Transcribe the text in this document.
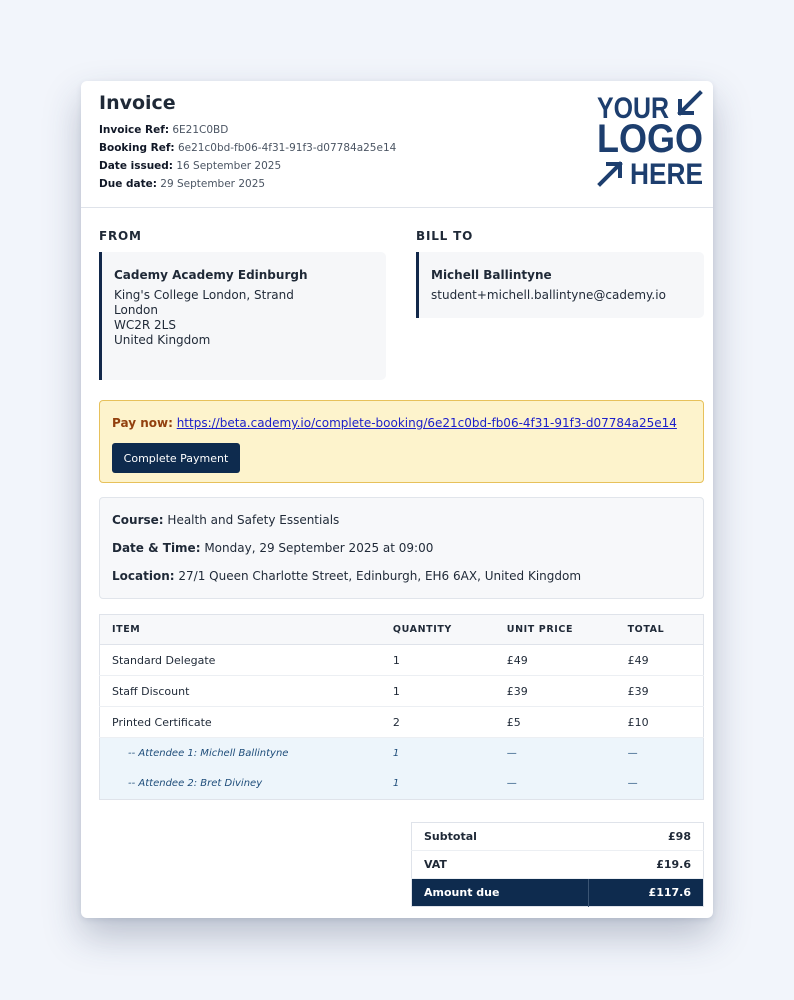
Invoice
Invoice Ref: 6E21C0BD
Booking Ref: 6e21c0bd-fb06-4f31-91f3-d07784a25e14
Date issued: 16 September 2025
Due date: 29 September 2025
YOUR
LOGO
HERE
FROM
Cademy Academy Edinburgh
King's College London, Strand
London
WC2R 2LS
United Kingdom
BILL TO
Michell Ballintyne
student+michell.ballintyne@cademy.io
Pay now: https://beta.cademy.io/complete-booking/6e21c0bd-fb06-4f31-91f3-d07784a25e14
Complete Payment
Course: Health and Safety Essentials
Date & Time: Monday, 29 September 2025 at 09:00
Location: 27/1 Queen Charlotte Street, Edinburgh, EH6 6AX, United Kingdom
ITEM	QUANTITY	UNIT PRICE	TOTAL
Standard Delegate	1	£49	£49
Staff Discount	1	£39	£39
Printed Certificate	2	£5	£10
-- Attendee 1: Michell Ballintyne	1	—	—
-- Attendee 2: Bret Diviney	1	—	—
Subtotal	£98
VAT	£19.6
Amount due	£117.6
